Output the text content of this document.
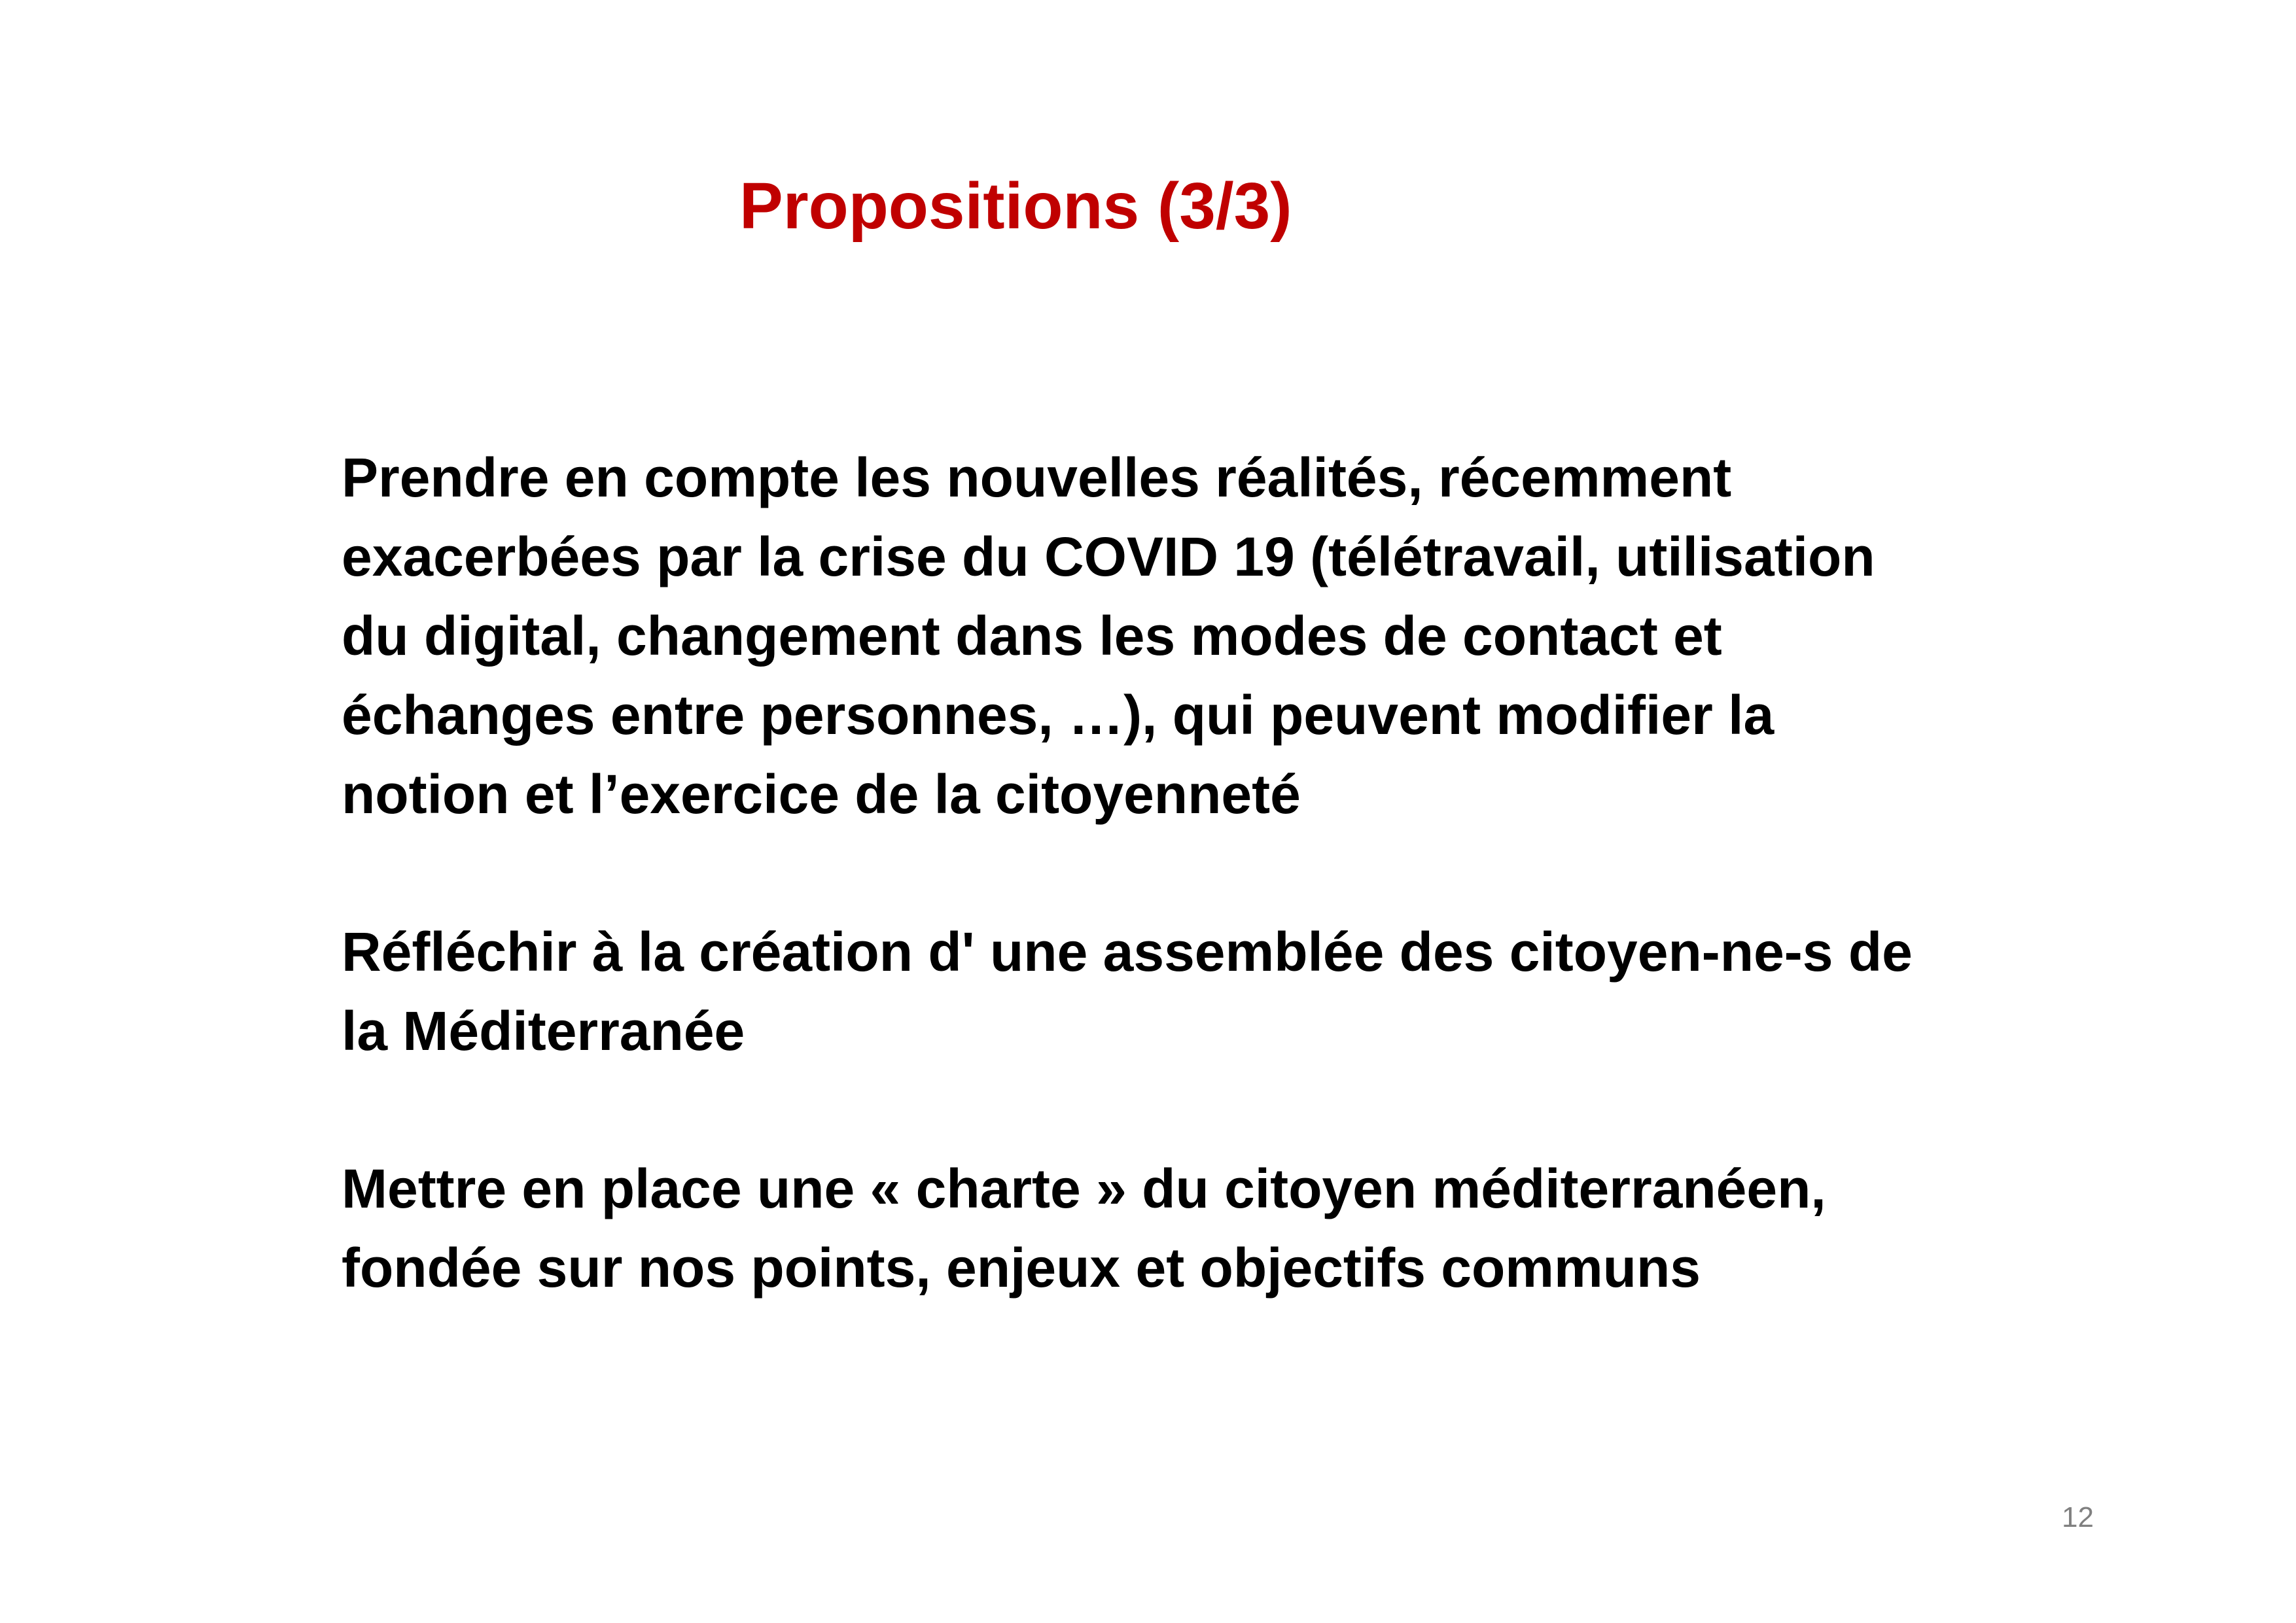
Propositions (3/3)

Prendre en compte les nouvelles réalités, récemment
exacerbées par la crise du COVID 19 (télétravail, utilisation
du digital, changement dans les modes de contact et
échanges entre personnes, …), qui peuvent modifier la
notion et l’exercice de la citoyenneté

Réfléchir à la création d' une assemblée des citoyen-ne-s de
la Méditerranée

Mettre en place une « charte » du citoyen méditerranéen,
fondée sur nos points, enjeux et objectifs communs

12
